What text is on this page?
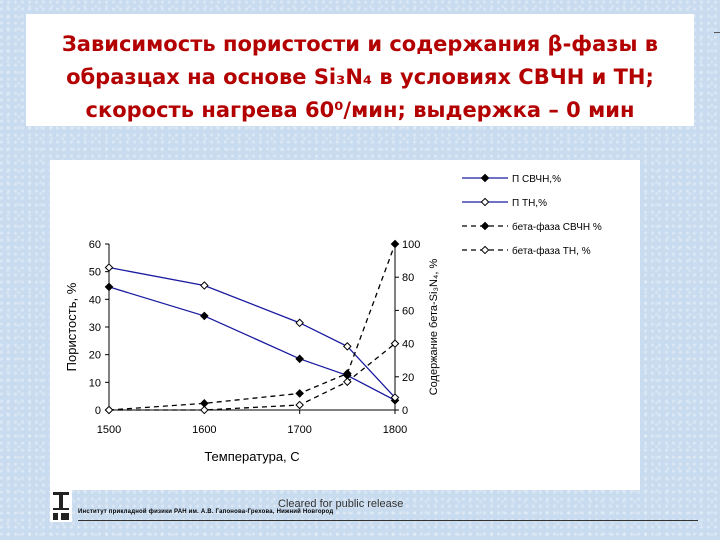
Зависимость пористости и содержания β-фазы в
образцах на основе Si₃N₄ в условиях СВЧН и ТН;
скорость нагрева 60⁰/мин; выдержка – 0 мин
0
10
20
30
40
50
60
0
20
40
60
80
100
1500	1600	1700	1800
Температура, С
Пористость, %	Содержание бета-Si₃N₄, %
П СВЧН,%
П ТН,%
бета-фаза СВЧН %
бета-фаза ТН, %
Cleared for public release
Институт прикладной физики РАН им. А.В. Гапонова-Грехова, Нижний Новгород
